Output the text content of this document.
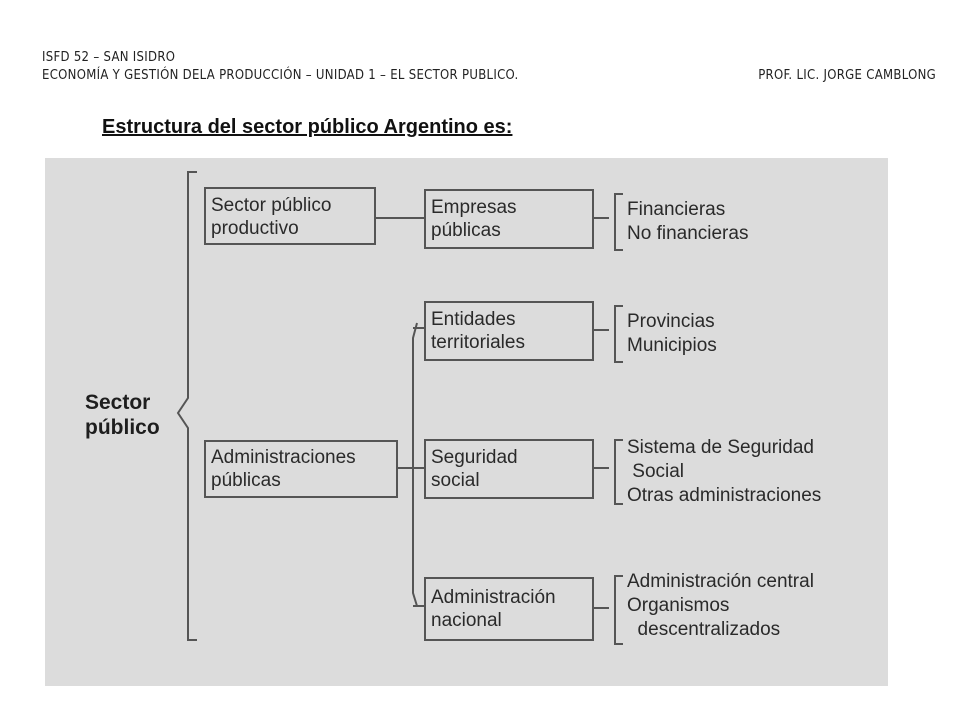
ISFD 52 – SAN ISIDRO
ECONOMÍA Y GESTIÓN DELA PRODUCCIÓN – UNIDAD 1 – EL SECTOR PUBLICO.	PROF. LIC. JORGE CAMBLONG
Estructura del sector público Argentino es:
Sector
público
Sector público
productivo
Administraciones
públicas
Empresas
públicas
Entidades
territoriales
Seguridad
social
Administración
nacional
Financieras
No financieras
Provincias
Municipios
Sistema de Seguridad
Social
Otras administraciones
Administración central
Organismos
descentralizados
